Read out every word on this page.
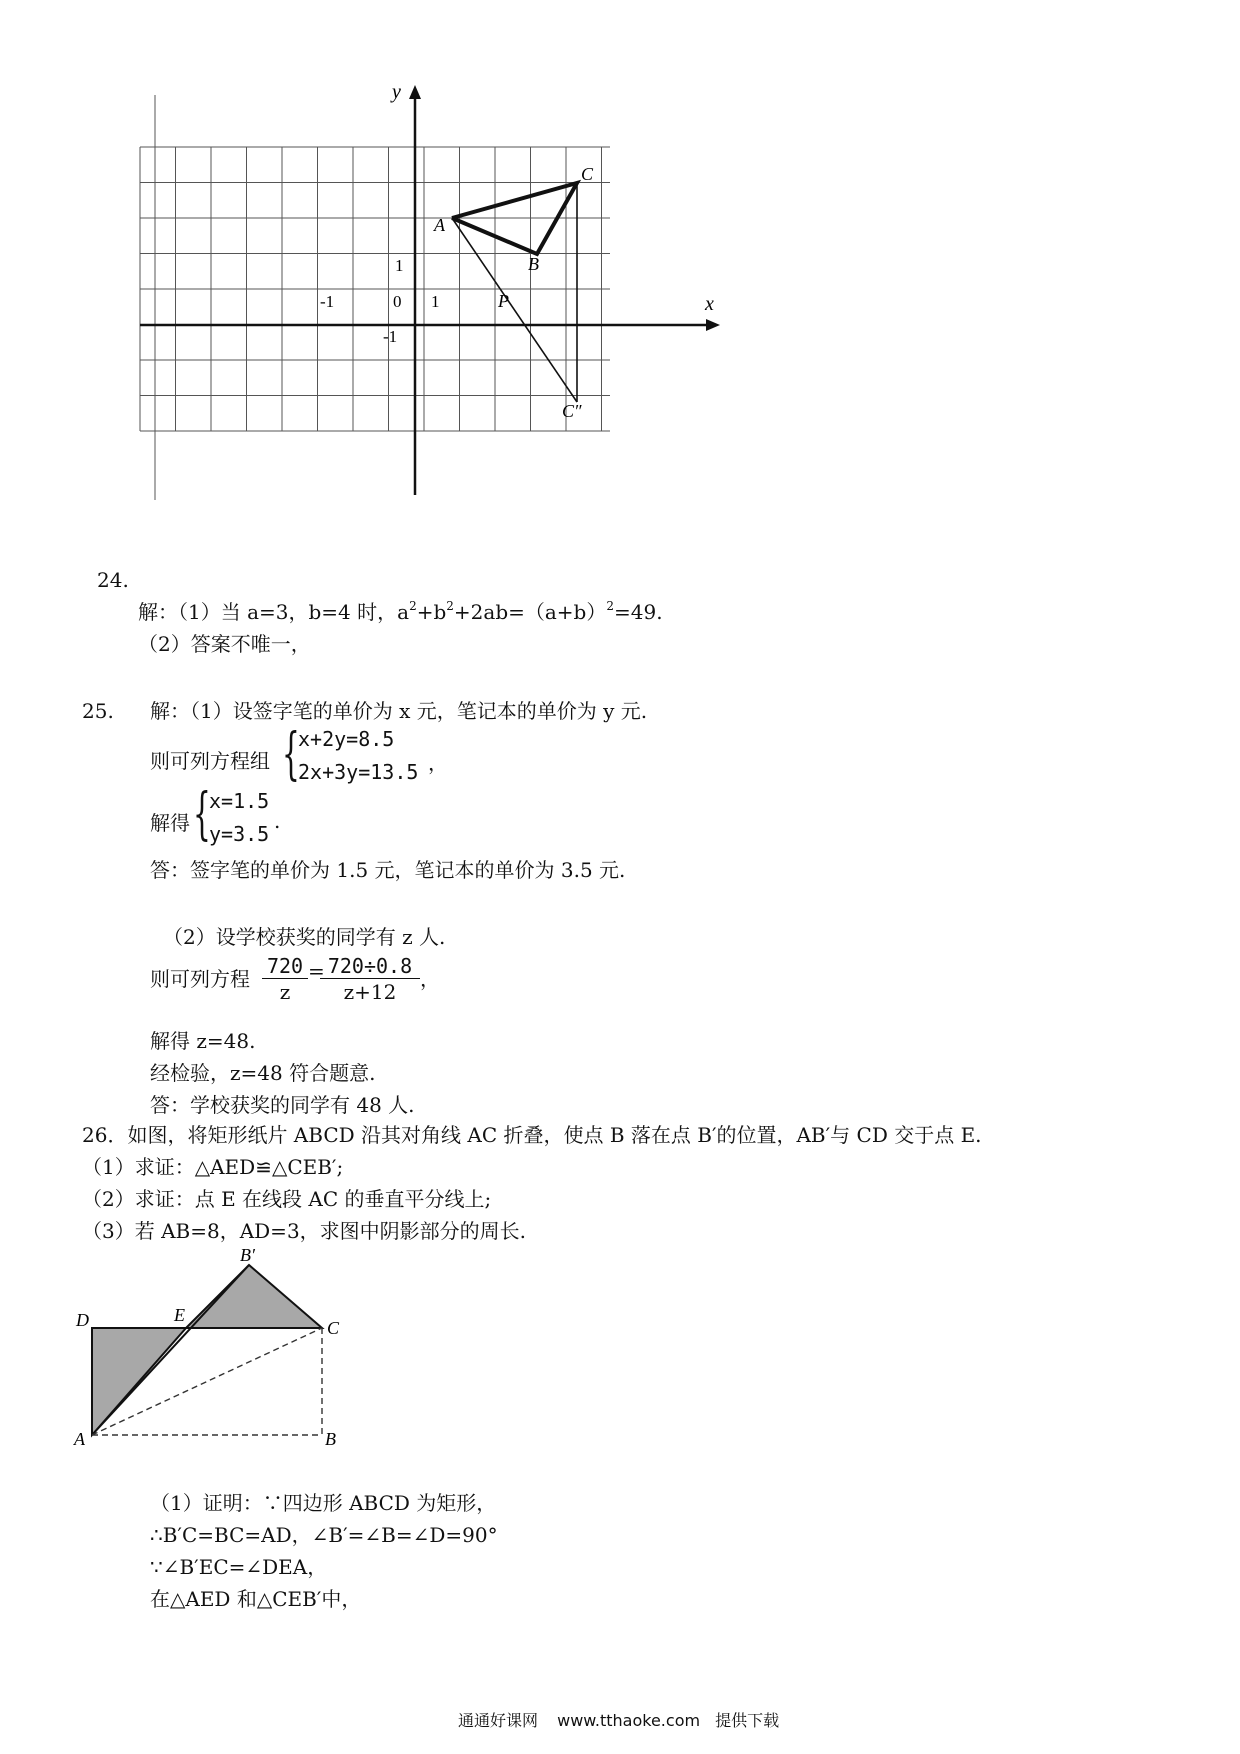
y
x
1
-1	0 1
-1
A
B
C
P
C″
24.
解：（1）当 a=3，b=4 时，$a^2+b^2+2ab=(a+b)^2=49$.
（2）答案不唯一，
25. 解：（1）设签字笔的单价为 x 元，笔记本的单价为 y 元.
则可列方程组 {
x+2y=8.5
2x+3y=13.5 ，
解得 {
x=1.5
y=3.5
.
答：签字笔的单价为 1.5 元，笔记本的单价为 3.5 元.
（2）设学校获奖的同学有 z 人.
则可列方程 $\frac{720}{z}$ =
$\frac{720\div 0.8}{z+12}$ ，
解得 z=48.
经检验，z=48 符合题意.
答：学校获奖的同学有 48 人.
26．如图，将矩形纸片 ABCD 沿其对角线 AC 折叠，使点 B 落在点 B′的位置，AB′与 CD 交于点 E.
（1）求证：△AED≌△CEB′;
（2）求证：点 E 在线段 AC 的垂直平分线上;
（3）若 AB=8，AD=3，求图中阴影部分的周长.
D	E
B′
C
A	B
（1）证明：∵四边形 ABCD 为矩形，
∴B′C=BC=AD，∠B′=∠B=∠D=90°
∵∠B′EC=∠DEA，
在△AED 和△CEB′中，
通通好课网 www.tthaoke.com 提供下载
